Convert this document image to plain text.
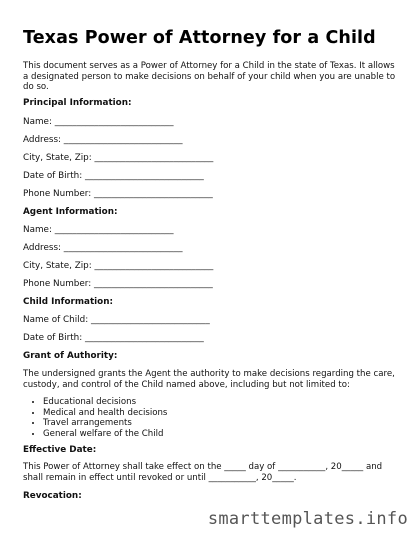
Texas Power of Attorney for a Child
This document serves as a Power of Attorney for a Child in the state of Texas. It allows a designated person to make decisions on behalf of your child when you are unable to do so.
Principal Information:
Name: ___________________________
Address: ___________________________
City, State, Zip: ___________________________
Date of Birth: ___________________________
Phone Number: ___________________________
Agent Information:
Name: ___________________________
Address: ___________________________
City, State, Zip: ___________________________
Phone Number: ___________________________
Child Information:
Name of Child: ___________________________
Date of Birth: ___________________________
Grant of Authority:
The undersigned grants the Agent the authority to make decisions regarding the care, custody, and control of the Child named above, including but not limited to:
• Educational decisions
• Medical and health decisions
• Travel arrangements
• General welfare of the Child
Effective Date:
This Power of Attorney shall take effect on the _____ day of ___________, 20_____ and shall remain in effect until revoked or until ___________, 20_____.
Revocation:
smarttemplates.info
